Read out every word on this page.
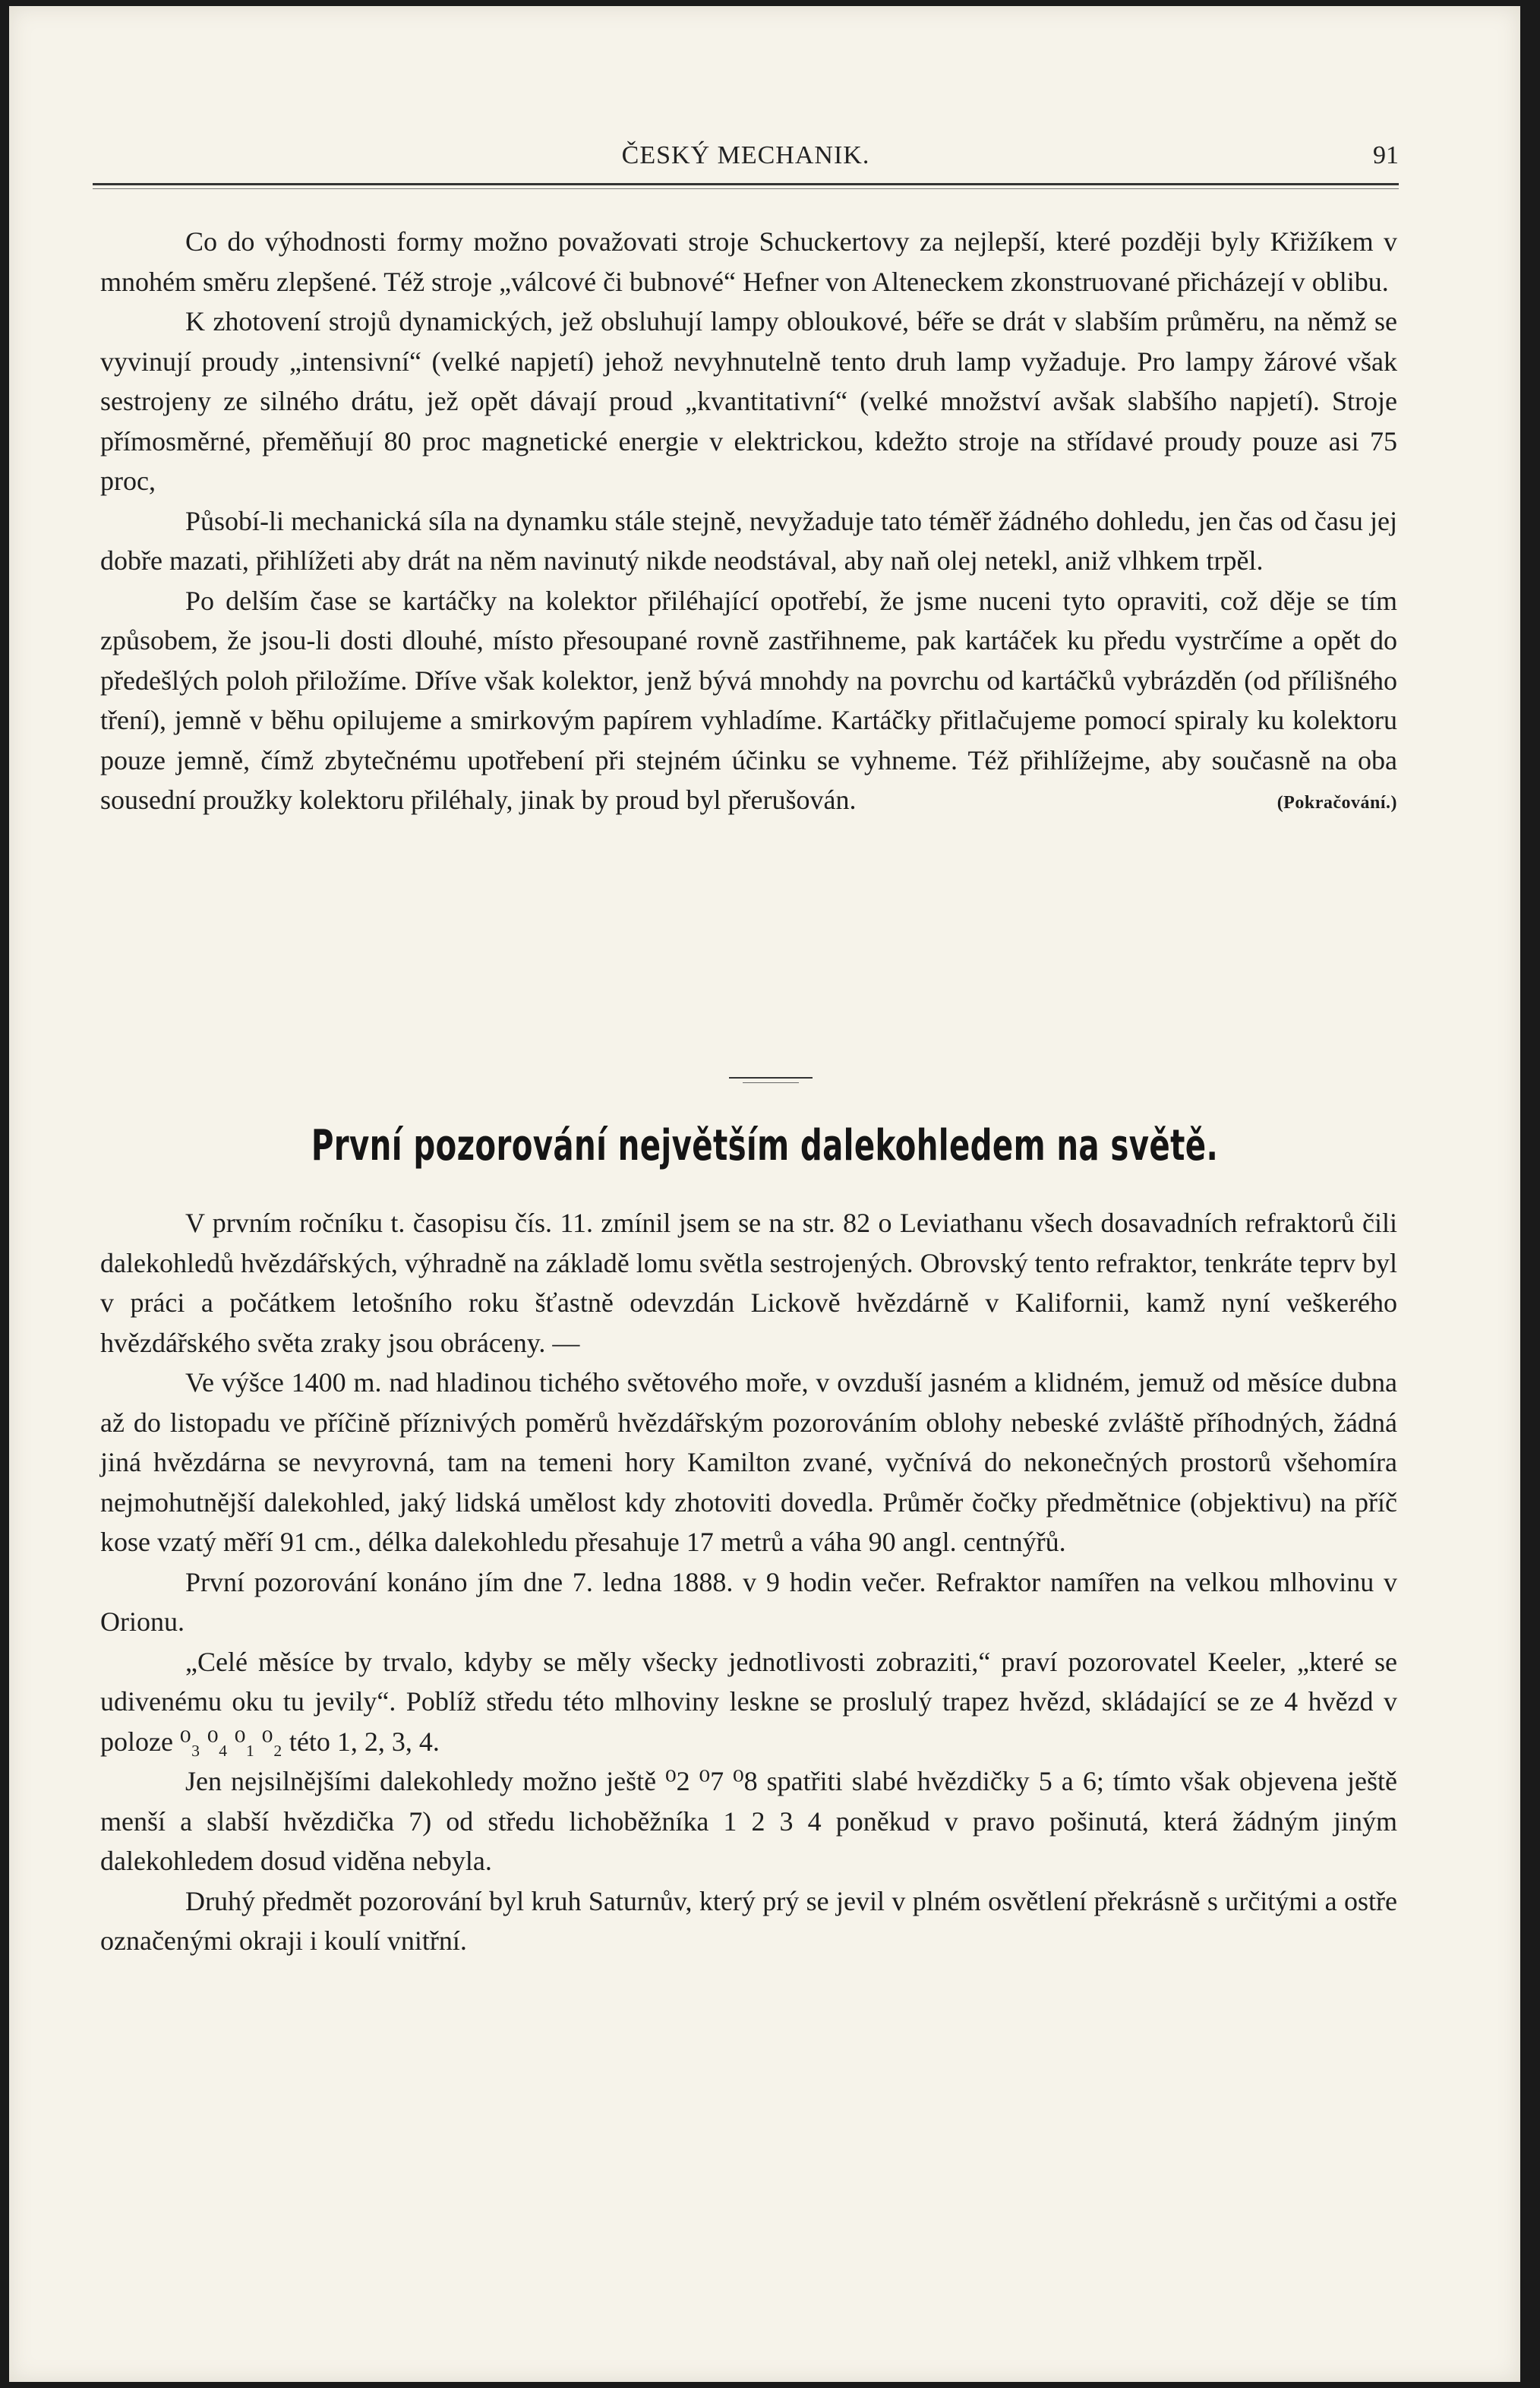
ČESKÝ MECHANIK.	91

Co do výhodnosti formy možno považovati stroje Schuckertovy za nejlepší, které později byly Křižíkem v mnohém směru zlepšené. Též stroje „válcové či bubnové“ Hefner von Alteneckem zkonstruované přicházejí v oblibu.

K zhotovení strojů dynamických, jež obsluhují lampy obloukové, béře se drát v slabším průměru, na němž se vyvinují proudy „intensivní“ (velké napjetí) jehož nevyhnutelně tento druh lamp vyžaduje. Pro lampy žárové však sestrojeny ze silného drátu, jež opět dávají proud „kvantitativní“ (velké množství avšak slabšího napjetí). Stroje přímosměrné, přeměňují 80 proc magnetické energie v elektrickou, kdežto stroje na střídavé proudy pouze asi 75 proc,

Působí-li mechanická síla na dynamku stále stejně, nevyžaduje tato téměř žádného dohledu, jen čas od času jej dobře mazati, přihlížeti aby drát na něm navinutý nikde neodstával, aby naň olej netekl, aniž vlhkem trpěl.

Po delším čase se kartáčky na kolektor přiléhající opotřebí, že jsme nuceni tyto opraviti, což děje se tím způsobem, že jsou-li dosti dlouhé, místo přesoupané rovně zastřihneme, pak kartáček ku předu vystrčíme a opět do předešlých poloh přiložíme. Dříve však kolektor, jenž bývá mnohdy na povrchu od kartáčků vybrázděn (od přílišného tření), jemně v běhu opilujeme a smirkovým papírem vyhladíme. Kartáčky přitlačujeme pomocí spiraly ku kolektoru pouze jemně, čímž zbytečnému upotřebení při stejném účinku se vyhneme. Též přihlížejme, aby současně na oba sousední proužky kolektoru přiléhaly, jinak by proud byl přerušován.	(Pokračování.)

První pozorování největším dalekohledem na světě.

V prvním ročníku t. časopisu čís. 11. zmínil jsem se na str. 82 o Leviathanu všech dosavadních refraktorů čili dalekohledů hvězdářských, výhradně na základě lomu světla sestrojených. Obrovský tento refraktor, tenkráte teprv byl v práci a počátkem letošního roku šťastně odevzdán Lickově hvězdárně v Kalifornii, kamž nyní veškerého hvězdářského světa zraky jsou obráceny. —

Ve výšce 1400 m. nad hladinou tichého světového moře, v ovzduší jasném a klidném, jemuž od měsíce dubna až do listopadu ve příčině příznivých poměrů hvězdářským pozorováním oblohy nebeské zvláště příhodných, žádná jiná hvězdárna se nevyrovná, tam na temeni hory Kamilton zvané, vyčnívá do nekonečných prostorů všehomíra nejmohutnější dalekohled, jaký lidská umělost kdy zhotoviti dovedla. Průměr čočky předmětnice (objektivu) na příč kose vzatý měří 91 cm., délka dalekohledu přesahuje 17 metrů a váha 90 angl. centnýřů.

První pozorování konáno jím dne 7. ledna 1888. v 9 hodin večer. Refraktor namířen na velkou mlhovinu v Orionu.

„Celé měsíce by trvalo, kdyby se měly všecky jednotlivosti zobraziti,“ praví pozorovatel Keeler, „které se udivenému oku tu jevily“. Poblíž středu této mlhoviny leskne se proslulý trapez hvězd, skládající se ze 4 hvězd v poloze ⁰₃ ⁰₄ ⁰₁ ⁰₂ této 1, 2, 3, 4.

Jen nejsilnějšími dalekohledy možno ještě ⁰2 ⁰7 ⁰8 spatřiti slabé hvězdičky 5 a 6; tímto však objevena ještě menší a slabší hvězdička 7) od středu lichoběžníka 1 2 3 4 poněkud v pravo pošinutá, která žádným jiným dalekohledem dosud viděna nebyla.

Druhý předmět pozorování byl kruh Saturnův, který prý se jevil v plném osvětlení překrásně s určitými a ostře označenými okraji i koulí vnitřní.
